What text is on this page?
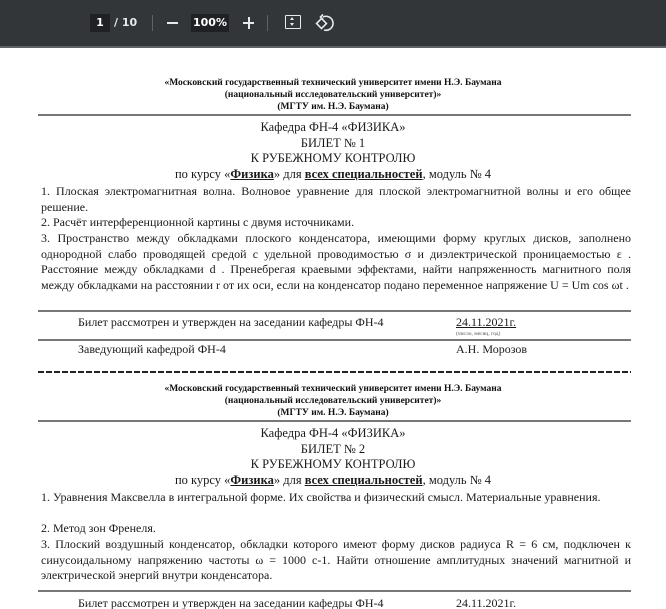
1 / 10	100%
«Московский государственный технический университет имени Н.Э. Баумана
(национальный исследовательский университет)»
(МГТУ им. Н.Э. Баумана)
Кафедра ФН-4 «ФИЗИКА»
БИЛЕТ № 1
К РУБЕЖНОМУ КОНТРОЛЮ
по курсу «Физика» для всех специальностей, модуль № 4
1. Плоская электромагнитная волна. Волновое уравнение для плоской электромагнитной волны и его общее решение.
2. Расчёт интерференционной картины с двумя источниками.
3. Пространство между обкладками плоского конденсатора, имеющими форму круглых дисков, заполнено однородной слабо проводящей средой с удельной проводимостью σ и диэлектрической проницаемостью ε . Расстояние между обкладками d . Пренебрегая краевыми эффектами, найти напряженность магнитного поля между обкладками на расстоянии r от их оси, если на конденсатор подано переменное напряжение U = Um cos ωt .
Билет рассмотрен и утвержден на заседании кафедры ФН-4	24.11.2021г.
(число, месяц, год)
Заведующий кафедрой ФН-4	А.Н. Морозов
«Московский государственный технический университет имени Н.Э. Баумана
(национальный исследовательский университет)»
(МГТУ им. Н.Э. Баумана)
Кафедра ФН-4 «ФИЗИКА»
БИЛЕТ № 2
К РУБЕЖНОМУ КОНТРОЛЮ
по курсу «Физика» для всех специальностей, модуль № 4
1. Уравнения Максвелла в интегральной форме. Их свойства и физический смысл. Материальные уравнения.
2. Метод зон Френеля.
3. Плоский воздушный конденсатор, обкладки которого имеют форму дисков радиуса R = 6 см, подключен к синусоидальному напряжению частоты ω = 1000 с-1. Найти отношение амплитудных значений магнитной и электрической энергий внутри конденсатора.
Билет рассмотрен и утвержден на заседании кафедры ФН-4	24.11.2021г.
